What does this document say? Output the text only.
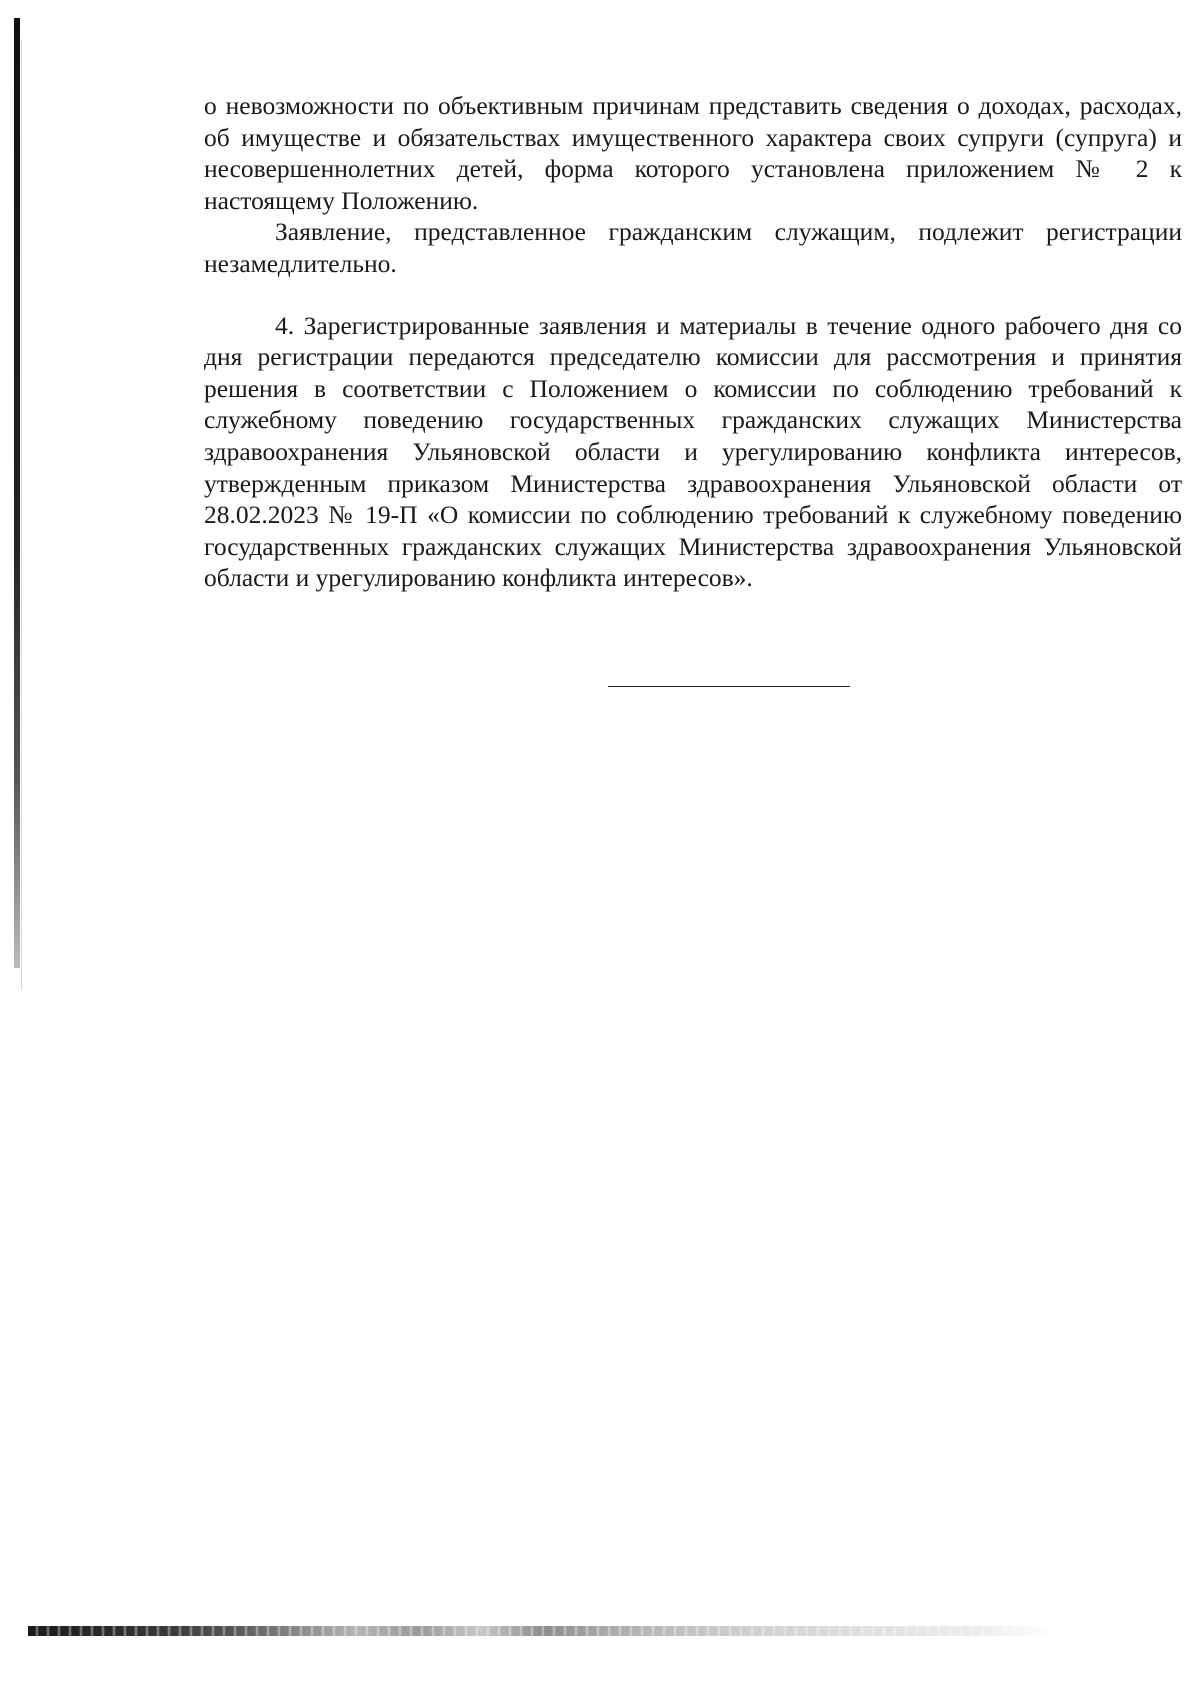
о невозможности по объективным причинам представить сведения о доходах, расходах, об имуществе и обязательствах имущественного характера своих супруги (супруга) и несовершеннолетних детей, форма которого установлена приложением № 2 к настоящему Положению.

Заявление, представленное гражданским служащим, подлежит регистрации незамедлительно.

4. Зарегистрированные заявления и материалы в течение одного рабочего дня со дня регистрации передаются председателю комиссии для рассмотрения и принятия решения в соответствии с Положением о комиссии по соблюдению требований к служебному поведению государственных гражданских служащих Министерства здравоохранения Ульяновской области и урегулированию конфликта интересов, утвержденным приказом Министерства здравоохранения Ульяновской области от 28.02.2023 № 19-П «О комиссии по соблюдению требований к служебному поведению государственных гражданских служащих Министерства здравоохранения Ульяновской области и урегулированию конфликта интересов».
